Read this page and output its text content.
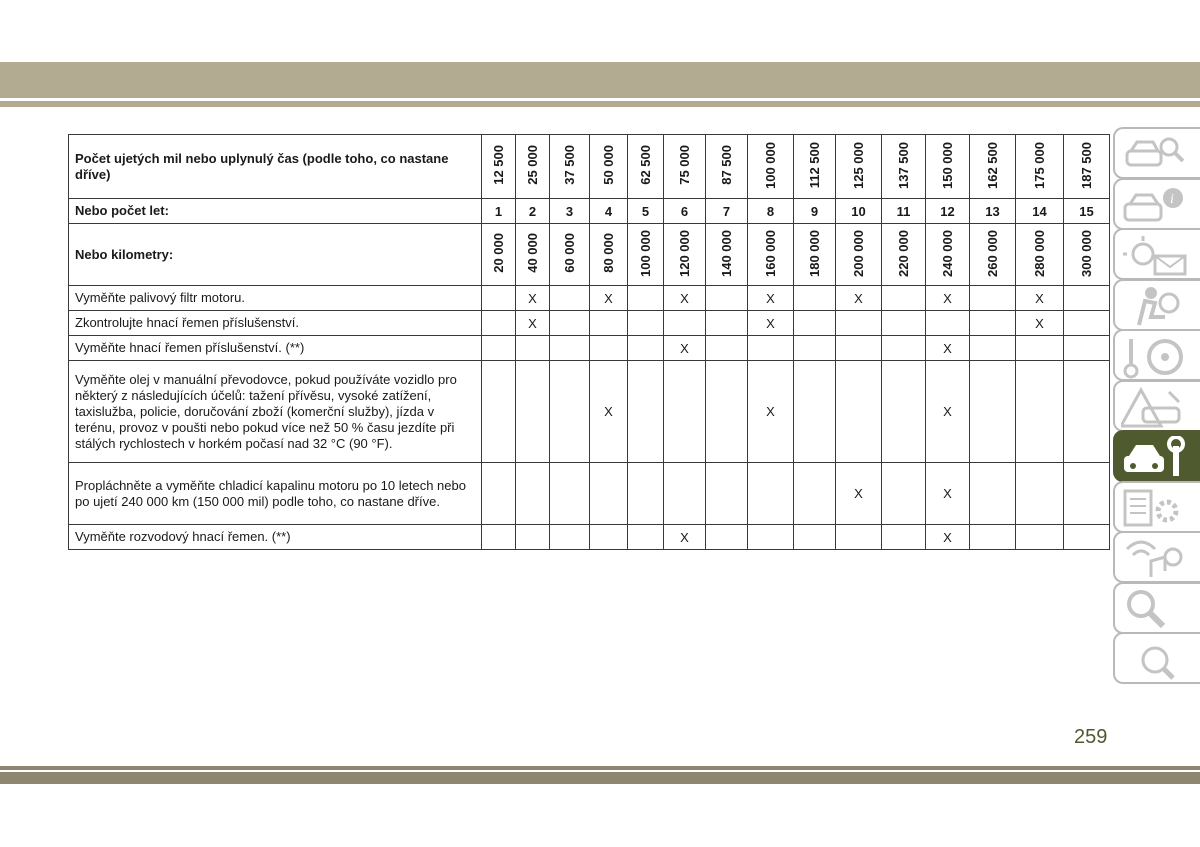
Počet ujetých mil nebo uplynulý čas (podle toho, co nastane dříve)	12 500	25 000	37 500	50 000	62 500	75 000	87 500	100 000	112 500	125 000	137 500	150 000	162 500	175 000	187 500
Nebo počet let:	1	2	3	4	5	6	7	8	9	10	11	12	13	14	15
Nebo kilometry:	20 000	40 000	60 000	80 000	100 000	120 000	140 000	160 000	180 000	200 000	220 000	240 000	260 000	280 000	300 000
Vyměňte palivový filtr motoru.		X		X		X		X		X		X		X	
Zkontrolujte hnací řemen příslušenství.		X						X						X	
Vyměňte hnací řemen příslušenství. (**)						X						X			
Vyměňte olej v manuální převodovce, pokud používáte vozidlo pro některý z následujících účelů: tažení přívěsu, vysoké zatížení, taxislužba, policie, doručování zboží (komerční služby), jízda v terénu, provoz v poušti nebo pokud více než 50 % času jezdíte při stálých rychlostech v horkém počasí nad 32 °C (90 °F).				X				X				X			
Propláchněte a vyměňte chladicí kapalinu motoru po 10 letech nebo po ujetí 240 000 km (150 000 mil) podle toho, co nastane dříve.										X		X			
Vyměňte rozvodový hnací řemen. (**)						X						X			
i
259
